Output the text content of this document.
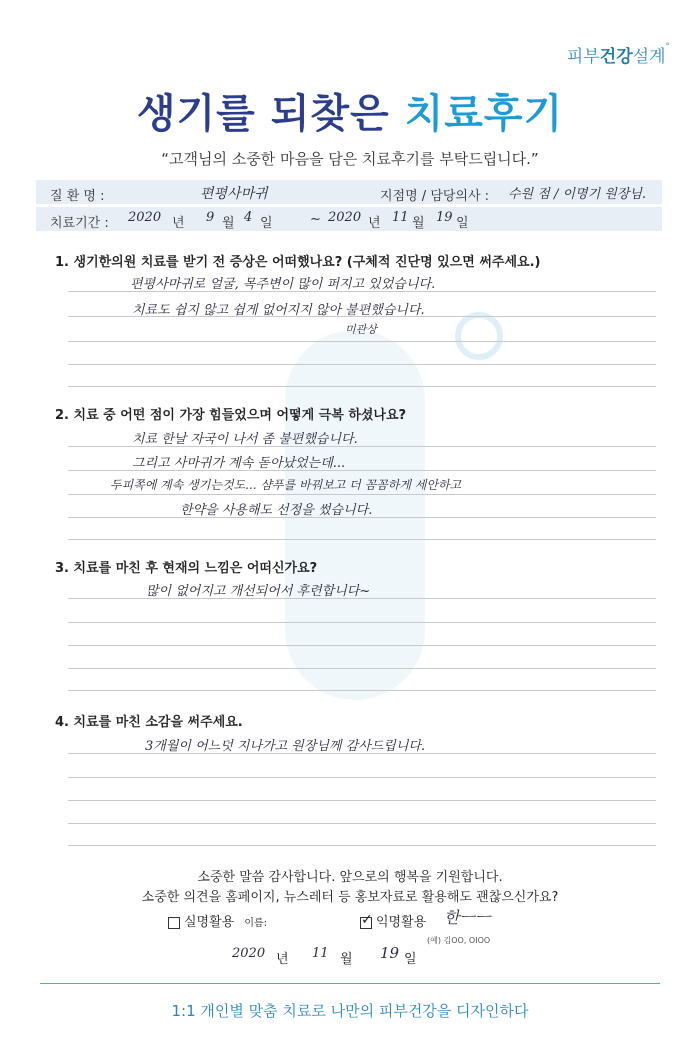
피부건강설계°
생기를 되찾은 치료후기
“고객님의 소중한 마음을 담은 치료후기를 부탁드립니다.”
질 환 명 :	편평사마귀	지점명 / 담당의사 : 수원 점 / 이명기 원장님.
치료기간 : 2020 년 9 월 4 일	~ 2020 년 11 월 19 일
1. 생기한의원 치료를 받기 전 증상은 어떠했나요? (구체적 진단명 있으면 써주세요.)
편평사마귀로 얼굴, 목주변이 많이 퍼지고 있었습니다.
치료도 쉽지 않고 쉽게 없어지지 않아 불편했습니다.
미관상
2. 치료 중 어떤 점이 가장 힘들었으며 어떻게 극복 하셨나요?
치료 한날 자국이 나서 좀 불편했습니다.
그리고 사마귀가 계속 돋아났었는데...
두피쪽에 계속 생기는것도... 샴푸를 바꿔보고 더 꼼꼼하게 세안하고
한약을 사용해도 선정을 썼습니다.
3. 치료를 마친 후 현재의 느낌은 어떠신가요?
많이 없어지고 개선되어서 후련합니다~
4. 치료를 마친 소감을 써주세요.
3개월이 어느덧 지나가고 원장님께 감사드립니다.
소중한 말씀 감사합니다. 앞으로의 행복을 기원합니다.
소중한 의견을 홈페이지, 뉴스레터 등 홍보자료로 활용해도 괜찮으신가요?
실명활용 이름:	✓ 익명활용 한ㅡㅡ
(예) 김OO, OIOO
2020 년 11 월 19 일
1:1 개인별 맞춤 치료로 나만의 피부건강을 디자인하다
